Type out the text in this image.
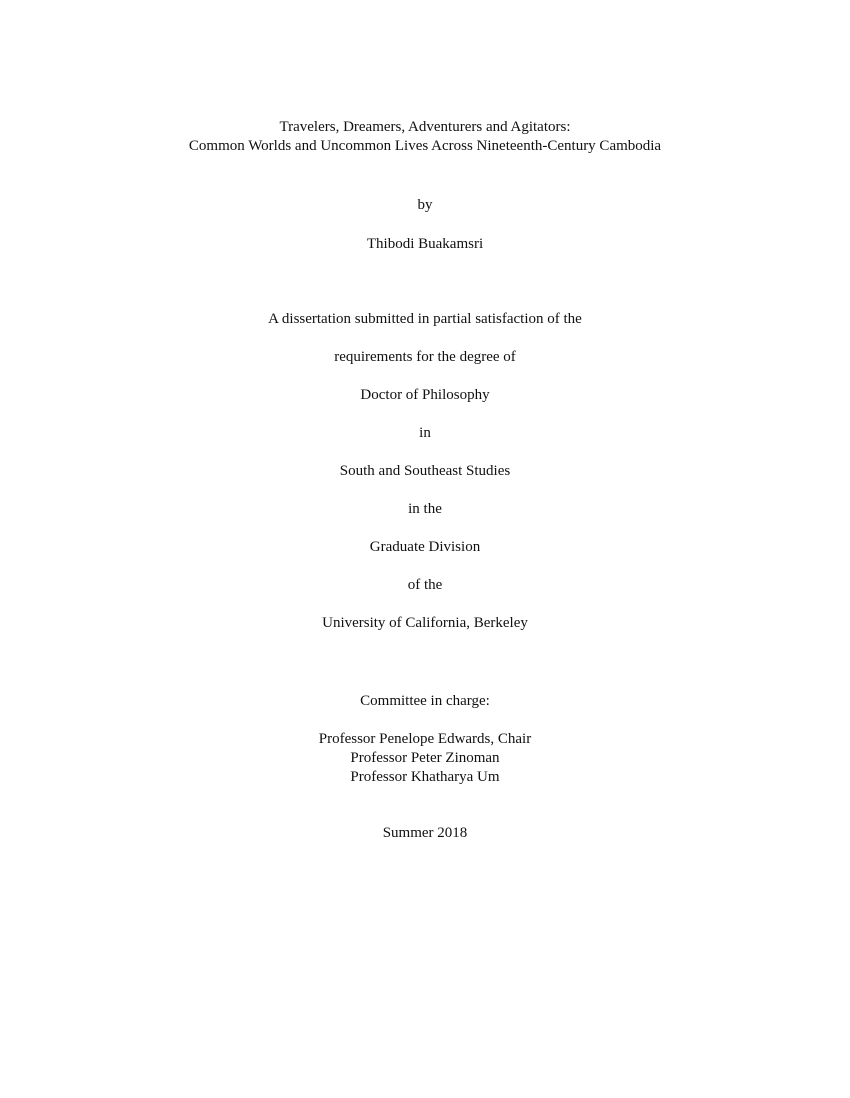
Travelers, Dreamers, Adventurers and Agitators:
Common Worlds and Uncommon Lives Across Nineteenth-Century Cambodia
by
Thibodi Buakamsri
A dissertation submitted in partial satisfaction of the
requirements for the degree of
Doctor of Philosophy
in
South and Southeast Studies
in the
Graduate Division
of the
University of California, Berkeley
Committee in charge:
Professor Penelope Edwards, Chair
Professor Peter Zinoman
Professor Khatharya Um
Summer 2018
